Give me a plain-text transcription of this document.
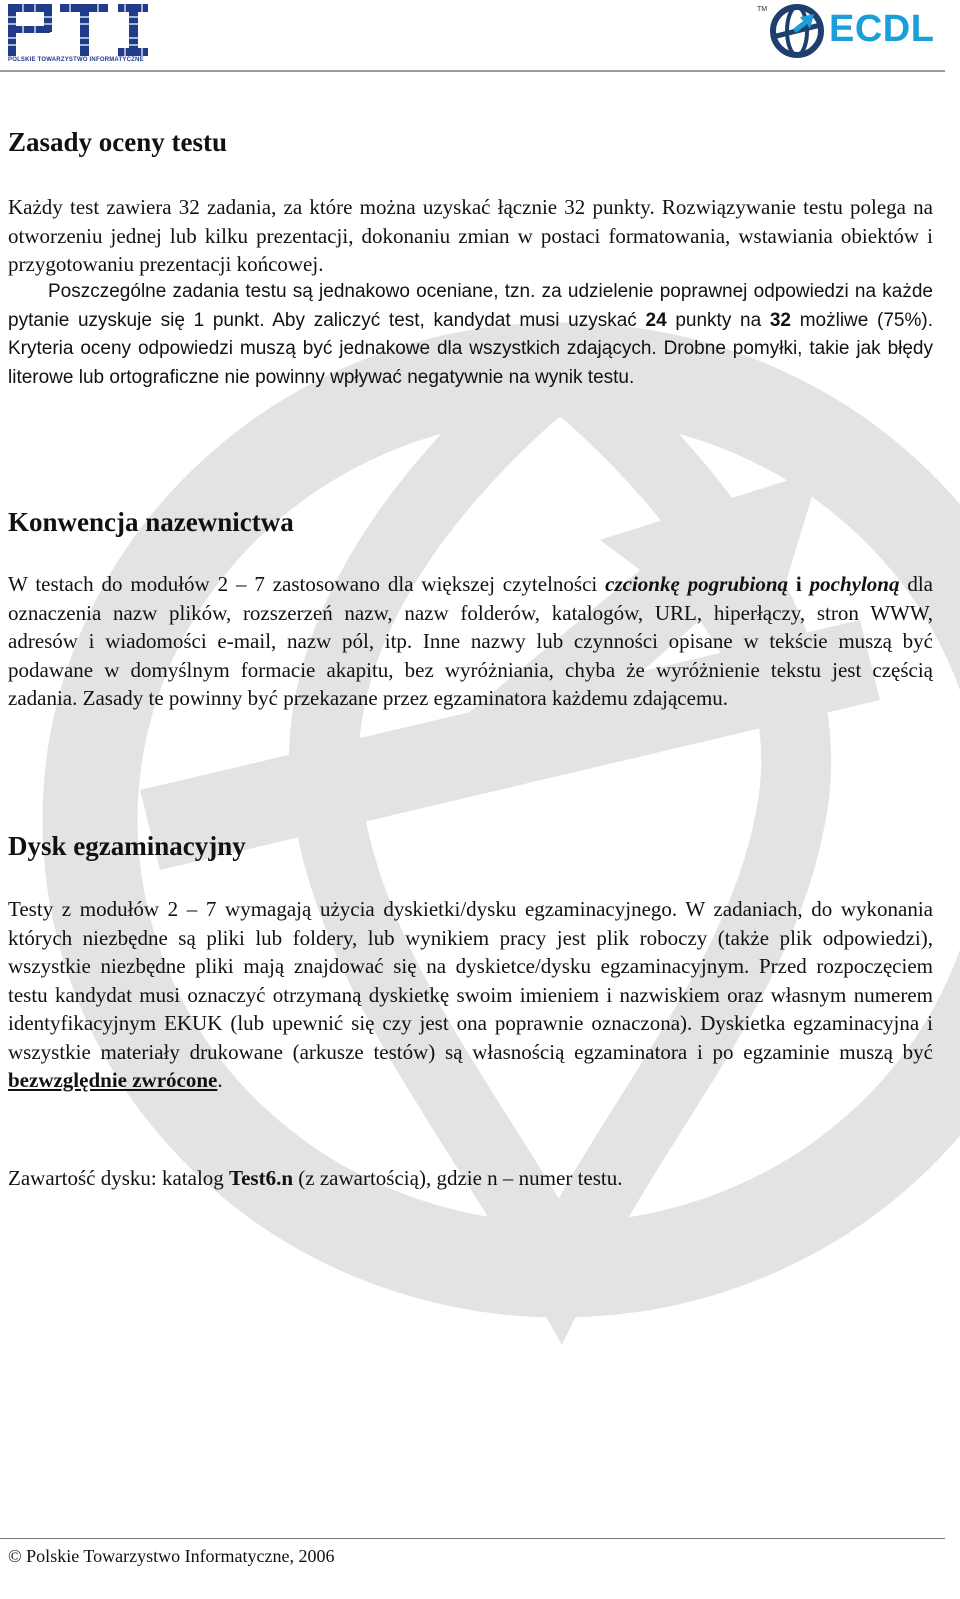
POLSKIE TOWARZYSTWO INFORMATYCZNE
TM ECDL
Zasady oceny testu

Każdy test zawiera 32 zadania, za które można uzyskać łącznie 32 punkty. Rozwiązywanie testu polega na otworzeniu jednej lub kilku prezentacji, dokonaniu zmian w postaci formatowania, wstawiania obiektów i przygotowaniu prezentacji końcowej.

Poszczególne zadania testu są jednakowo oceniane, tzn. za udzielenie poprawnej odpowiedzi na każde pytanie uzyskuje się 1 punkt. Aby zaliczyć test, kandydat musi uzyskać 24 punkty na 32 możliwe (75%). Kryteria oceny odpowiedzi muszą być jednakowe dla wszystkich zdających. Drobne pomyłki, takie jak błędy literowe lub ortograficzne nie powinny wpływać negatywnie na wynik testu.

Konwencja nazewnictwa

W testach do modułów 2 – 7 zastosowano dla większej czytelności czcionkę pogrubioną i pochyloną dla oznaczenia nazw plików, rozszerzeń nazw, nazw folderów, katalogów, URL, hiperłączy, stron WWW, adresów i wiadomości e-mail, nazw pól, itp. Inne nazwy lub czynności opisane w tekście muszą być podawane w domyślnym formacie akapitu, bez wyróżniania, chyba że wyróżnienie tekstu jest częścią zadania. Zasady te powinny być przekazane przez egzaminatora każdemu zdającemu.

Dysk egzaminacyjny

Testy z modułów 2 – 7 wymagają użycia dyskietki/dysku egzaminacyjnego. W zadaniach, do wykonania których niezbędne są pliki lub foldery, lub wynikiem pracy jest plik roboczy (także plik odpowiedzi), wszystkie niezbędne pliki mają znajdować się na dyskietce/dysku egzaminacyjnym. Przed rozpoczęciem testu kandydat musi oznaczyć otrzymaną dyskietkę swoim imieniem i nazwiskiem oraz własnym numerem identyfikacyjnym EKUK (lub upewnić się czy jest ona poprawnie oznaczona). Dyskietka egzaminacyjna i wszystkie materiały drukowane (arkusze testów) są własnością egzaminatora i po egzaminie muszą być bezwzględnie zwrócone.

Zawartość dysku: katalog Test6.n (z zawartością), gdzie n – numer testu.

© Polskie Towarzystwo Informatyczne, 2006
